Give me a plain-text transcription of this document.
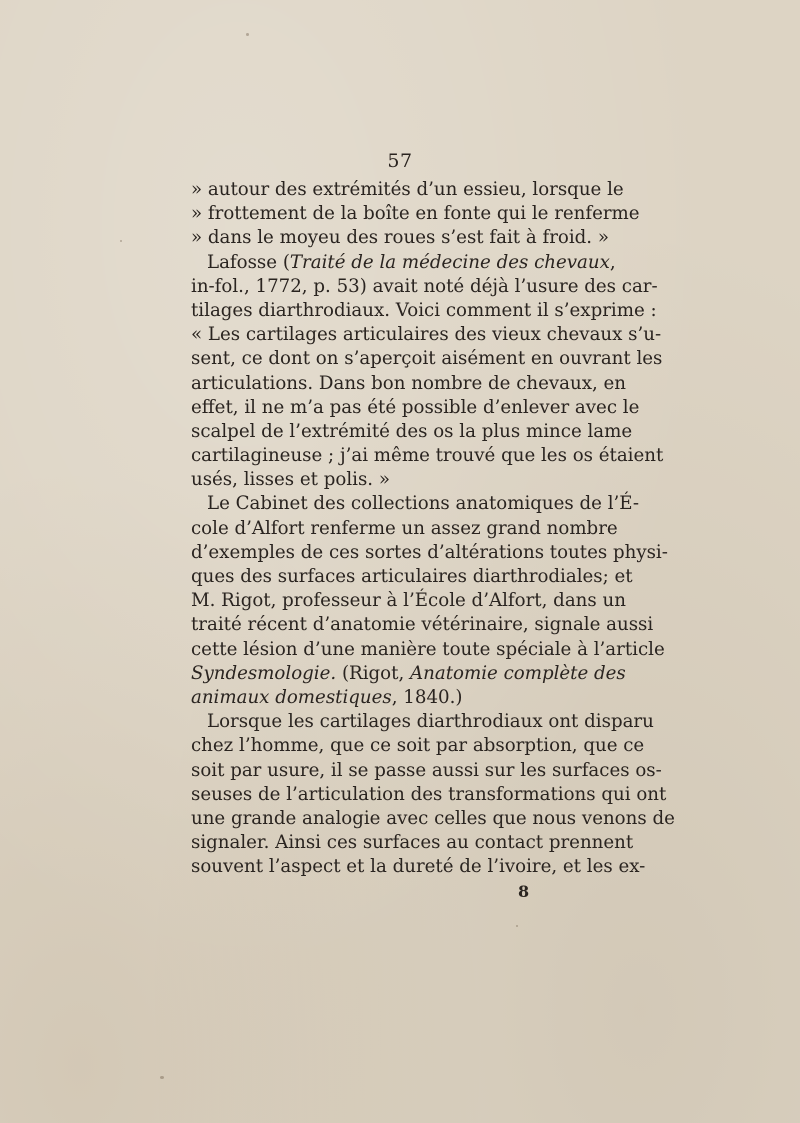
57
» autour des extrémités d’un essieu, lorsque le
» frottement de la boîte en fonte qui le renferme
» dans le moyeu des roues s’est fait à froid. »
Lafosse (Traité de la médecine des chevaux,
in-fol., 1772, p. 53) avait noté déjà l’usure des car-
tilages diarthrodiaux. Voici comment il s’exprime :
« Les cartilages articulaires des vieux chevaux s’u-
sent, ce dont on s’aperçoit aisément en ouvrant les
articulations. Dans bon nombre de chevaux, en
effet, il ne m’a pas été possible d’enlever avec le
scalpel de l’extrémité des os la plus mince lame
cartilagineuse ; j’ai même trouvé que les os étaient
usés, lisses et polis. »
Le Cabinet des collections anatomiques de l’É-
cole d’Alfort renferme un assez grand nombre
d’exemples de ces sortes d’altérations toutes physi-
ques des surfaces articulaires diarthrodiales; et
M. Rigot, professeur à l’École d’Alfort, dans un
traité récent d’anatomie vétérinaire, signale aussi
cette lésion d’une manière toute spéciale à l’article
Syndesmologie. (Rigot, Anatomie complète des
animaux domestiques, 1840.)
Lorsque les cartilages diarthrodiaux ont disparu
chez l’homme, que ce soit par absorption, que ce
soit par usure, il se passe aussi sur les surfaces os-
seuses de l’articulation des transformations qui ont
une grande analogie avec celles que nous venons de
signaler. Ainsi ces surfaces au contact prennent
souvent l’aspect et la dureté de l’ivoire, et les ex-
8
